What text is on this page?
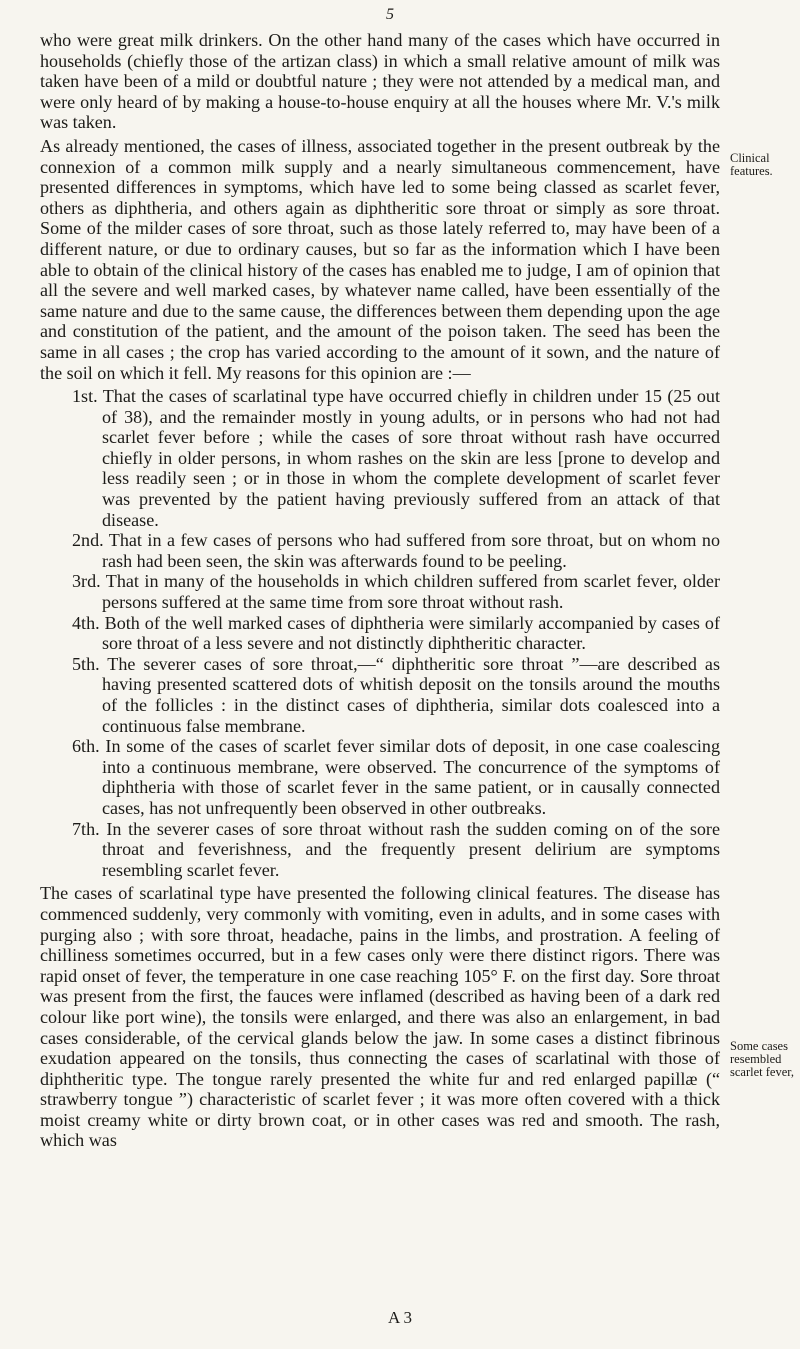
5

who were great milk drinkers. On the other hand many of the cases which have occurred in households (chiefly those of the artizan class) in which a small relative amount of milk was taken have been of a mild or doubtful nature ; they were not attended by a medical man, and were only heard of by making a house-to-house enquiry at all the houses where Mr. V.'s milk was taken.

As already mentioned, the cases of illness, associated together in the present outbreak by the connexion of a common milk supply and a nearly simultaneous commencement, have presented differences in symptoms, which have led to some being classed as scarlet fever, others as diphtheria, and others again as diphtheritic sore throat or simply as sore throat. Some of the milder cases of sore throat, such as those lately referred to, may have been of a different nature, or due to ordinary causes, but so far as the information which I have been able to obtain of the clinical history of the cases has enabled me to judge, I am of opinion that all the severe and well marked cases, by whatever name called, have been essentially of the same nature and due to the same cause, the differences between them depending upon the age and constitution of the patient, and the amount of the poison taken. The seed has been the same in all cases ; the crop has varied according to the amount of it sown, and the nature of the soil on which it fell. My reasons for this opinion are :—

1st. That the cases of scarlatinal type have occurred chiefly in children under 15 (25 out of 38), and the remainder mostly in young adults, or in persons who had not had scarlet fever before ; while the cases of sore throat without rash have occurred chiefly in older persons, in whom rashes on the skin are less [prone to develop and less readily seen ; or in those in whom the complete development of scarlet fever was prevented by the patient having previously suffered from an attack of that disease.

2nd. That in a few cases of persons who had suffered from sore throat, but on whom no rash had been seen, the skin was afterwards found to be peeling.

3rd. That in many of the households in which children suffered from scarlet fever, older persons suffered at the same time from sore throat without rash.

4th. Both of the well marked cases of diphtheria were similarly accompanied by cases of sore throat of a less severe and not distinctly diphtheritic character.

5th. The severer cases of sore throat,—“ diphtheritic sore throat ”—are described as having presented scattered dots of whitish deposit on the tonsils around the mouths of the follicles : in the distinct cases of diphtheria, similar dots coalesced into a continuous false membrane.

6th. In some of the cases of scarlet fever similar dots of deposit, in one case coalescing into a continuous membrane, were observed. The concurrence of the symptoms of diphtheria with those of scarlet fever in the same patient, or in causally connected cases, has not unfrequently been observed in other outbreaks.

7th. In the severer cases of sore throat without rash the sudden coming on of the sore throat and feverishness, and the frequently present delirium are symptoms resembling scarlet fever.

The cases of scarlatinal type have presented the following clinical features. The disease has commenced suddenly, very commonly with vomiting, even in adults, and in some cases with purging also ; with sore throat, headache, pains in the limbs, and prostration. A feeling of chilliness sometimes occurred, but in a few cases only were there distinct rigors. There was rapid onset of fever, the temperature in one case reaching 105° F. on the first day. Sore throat was present from the first, the fauces were inflamed (described as having been of a dark red colour like port wine), the tonsils were enlarged, and there was also an enlargement, in bad cases considerable, of the cervical glands below the jaw. In some cases a distinct fibrinous exudation appeared on the tonsils, thus connecting the cases of scarlatinal with those of diphtheritic type. The tongue rarely presented the white fur and red enlarged papillæ (“ strawberry tongue ”) characteristic of scarlet fever ; it was more often covered with a thick moist creamy white or dirty brown coat, or in other cases was red and smooth. The rash, which was

Clinical features.
Some cases resembled scarlet fever,
A 3
